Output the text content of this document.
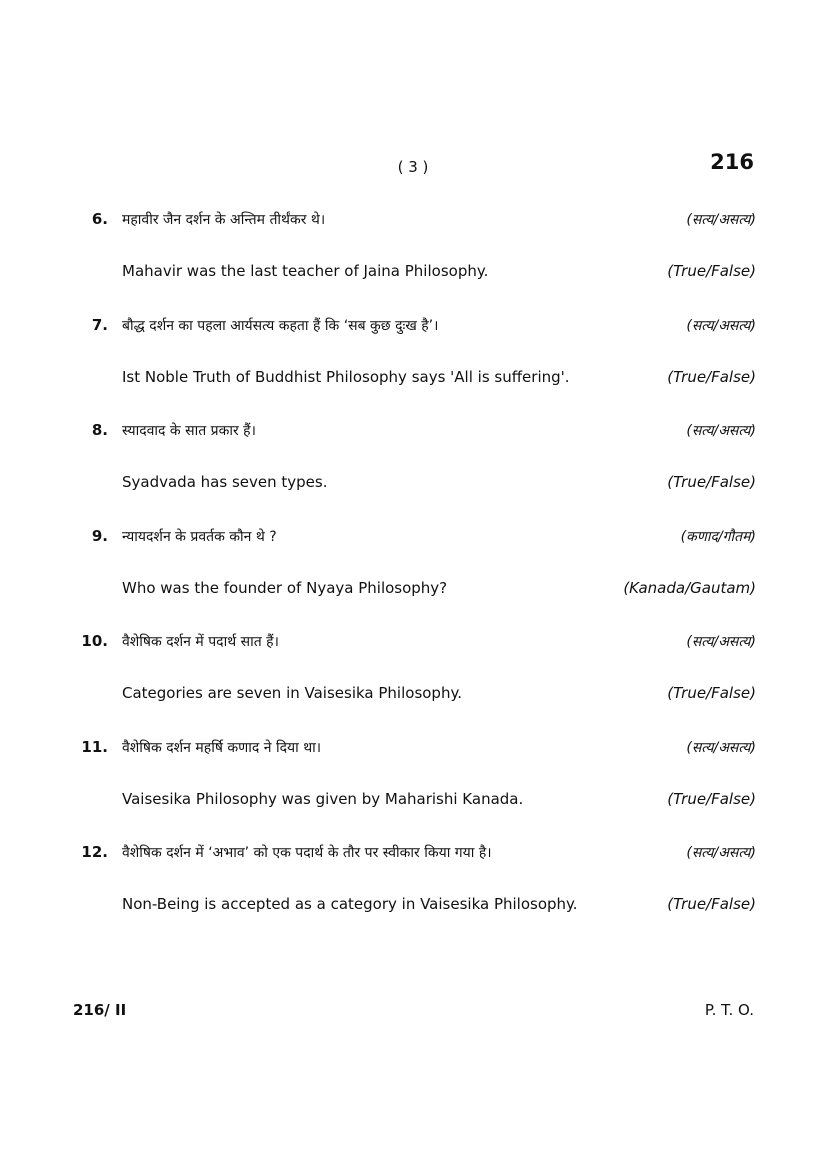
( 3 )	216
6. महावीर जैन दर्शन के अन्तिम तीर्थंकर थे।	(सत्य/असत्य)
Mahavir was the last teacher of Jaina Philosophy.	(True/False)
7. बौद्ध दर्शन का पहला आर्यसत्य कहता हैं कि ‘सब कुछ दुःख है’।	(सत्य/असत्य)
Ist Noble Truth of Buddhist Philosophy says 'All is suffering'.	(True/False)
8. स्यादवाद के सात प्रकार हैं।	(सत्य/असत्य)
Syadvada has seven types.	(True/False)
9. न्यायदर्शन के प्रवर्तक कौन थे ?	(कणाद/गौतम)
Who was the founder of Nyaya Philosophy?	(Kanada/Gautam)
10. वैशेषिक दर्शन में पदार्थ सात हैं।	(सत्य/असत्य)
Categories are seven in Vaisesika Philosophy.	(True/False)
11. वैशेषिक दर्शन महर्षि कणाद ने दिया था।	(सत्य/असत्य)
Vaisesika Philosophy was given by Maharishi Kanada.	(True/False)
12. वैशेषिक दर्शन में ‘अभाव’ को एक पदार्थ के तौर पर स्वीकार किया गया है।	(सत्य/असत्य)
Non-Being is accepted as a category in Vaisesika Philosophy.	(True/False)
216/ II	P. T. O.
